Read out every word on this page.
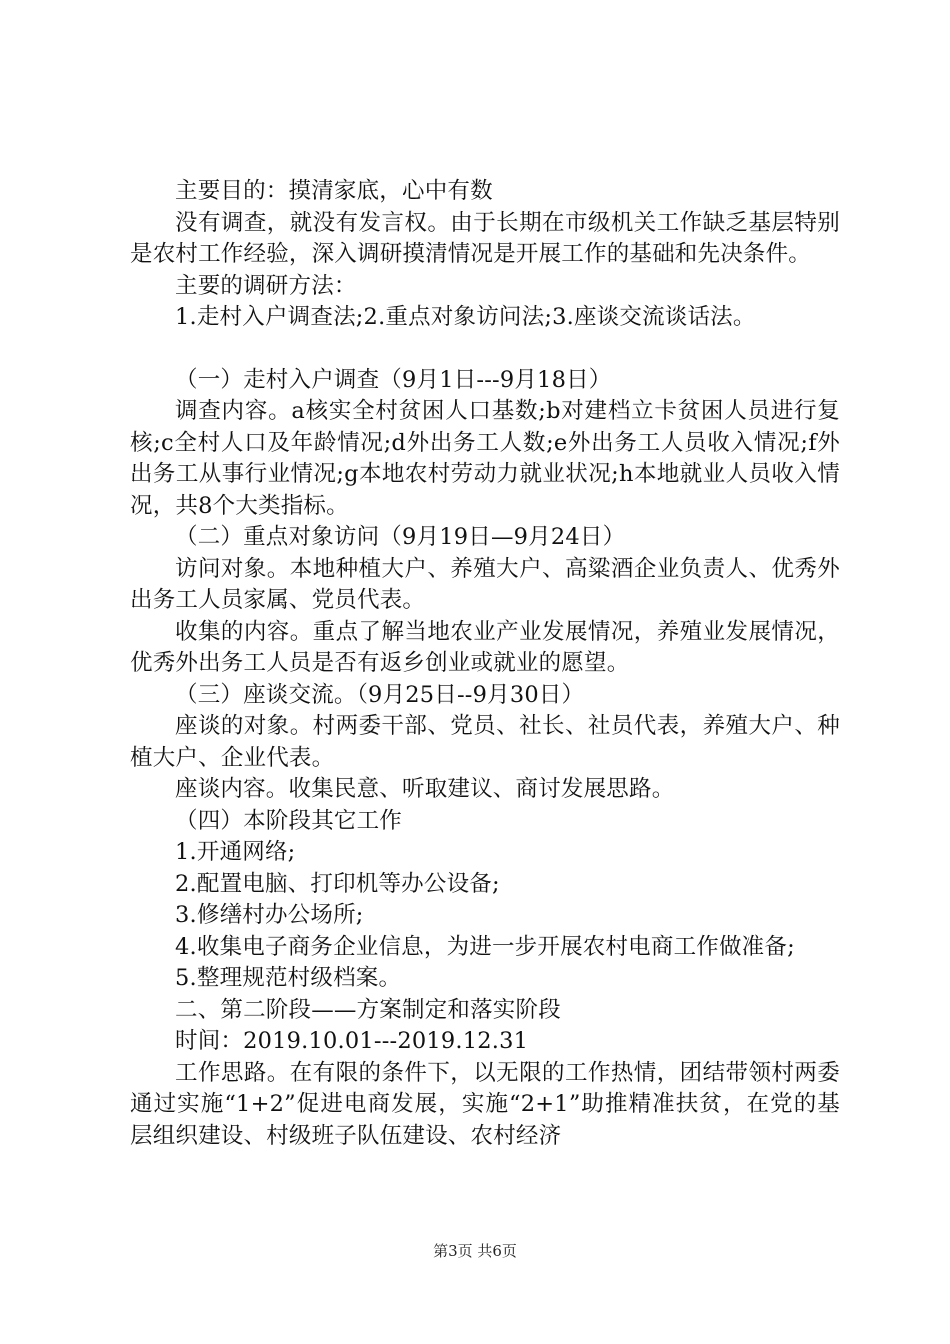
主要目的：摸清家底，心中有数

没有调查，就没有发言权。由于长期在市级机关工作缺乏基层特别是农村工作经验，深入调研摸清情况是开展工作的基础和先决条件。

主要的调研方法：

1.走村入户调查法;2.重点对象访问法;3.座谈交流谈话法。

（一）走村入户调查（9月1日---9月18日）

调查内容。a核实全村贫困人口基数;b对建档立卡贫困人员进行复核;c全村人口及年龄情况;d外出务工人数;e外出务工人员收入情况;f外出务工从事行业情况;g本地农村劳动力就业状况;h本地就业人员收入情况，共8个大类指标。

（二）重点对象访问（9月19日—9月24日）

访问对象。本地种植大户、养殖大户、高粱酒企业负责人、优秀外出务工人员家属、党员代表。

收集的内容。重点了解当地农业产业发展情况，养殖业发展情况，优秀外出务工人员是否有返乡创业或就业的愿望。

（三）座谈交流。（9月25日--9月30日）

座谈的对象。村两委干部、党员、社长、社员代表，养殖大户、种植大户、企业代表。

座谈内容。收集民意、听取建议、商讨发展思路。

（四）本阶段其它工作

1.开通网络;

2.配置电脑、打印机等办公设备;

3.修缮村办公场所;

4.收集电子商务企业信息，为进一步开展农村电商工作做准备;

5.整理规范村级档案。

二、第二阶段——方案制定和落实阶段

时间：2019.10.01---2019.12.31

工作思路。在有限的条件下，以无限的工作热情，团结带领村两委通过实施“1+2”促进电商发展，实施“2+1”助推精准扶贫，在党的基层组织建设、村级班子队伍建设、农村经济

第3页 共6页
